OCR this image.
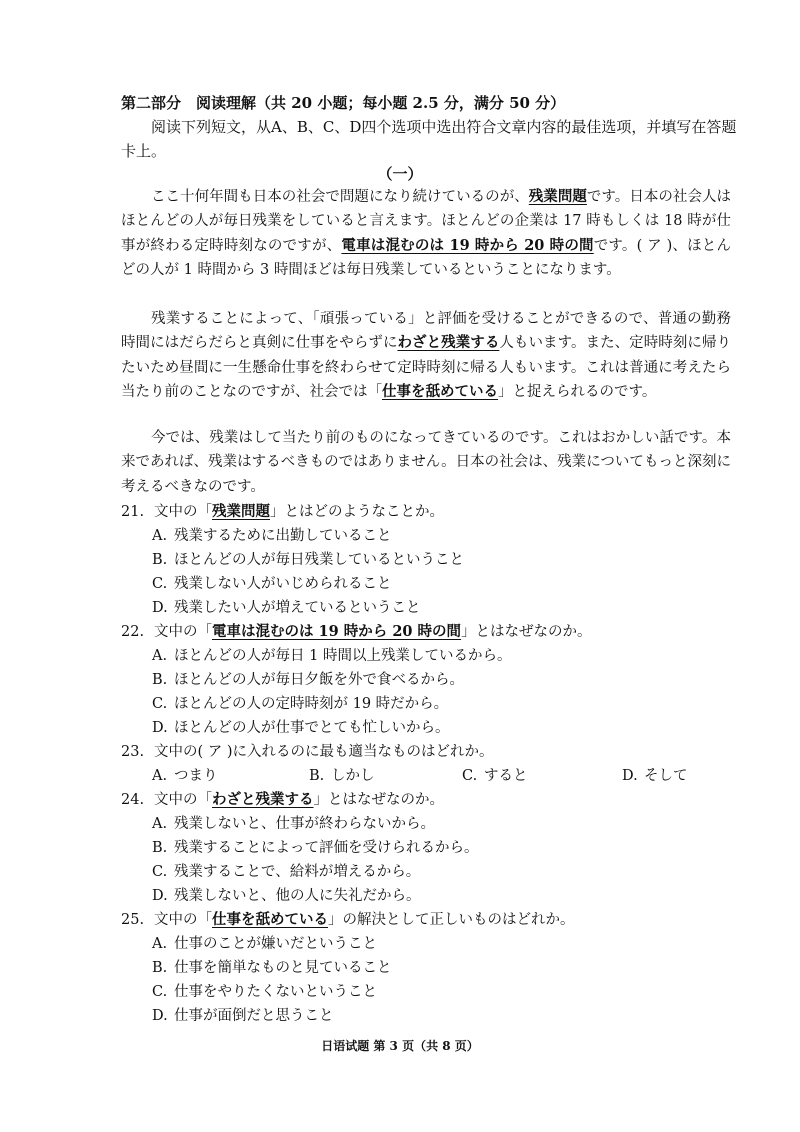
第二部分　阅读理解（共 20 小题；每小题 2.5 分，满分 50 分）
阅读下列短文，从A、B、C、D四个选项中选出符合文章内容的最佳选项，并填写在答题卡上。
（一）
ここ十何年間も日本の社会で問題になり続けているのが、残業問題です。日本の社会人はほとんどの人が毎日残業をしていると言えます。ほとんどの企業は 17 時もしくは 18 時が仕事が終わる定時時刻なのですが、電車は混むのは 19 時から 20 時の間です。( ア )、ほとんどの人が 1 時間から 3 時間ほどは毎日残業しているということになります。
残業することによって、「頑張っている」と評価を受けることができるので、普通の勤務時間にはだらだらと真剣に仕事をやらずにわざと残業する人もいます。また、定時時刻に帰りたいため昼間に一生懸命仕事を終わらせて定時時刻に帰る人もいます。これは普通に考えたら当たり前のことなのですが、社会では「仕事を舐めている」と捉えられるのです。
今では、残業はして当たり前のものになってきているのです。これはおかしい話です。本来であれば、残業はするべきものではありません。日本の社会は、残業についてもっと深刻に考えるべきなのです。
21. 文中の「残業問題」とはどのようなことか。
A. 残業するために出勤していること
B. ほとんどの人が毎日残業しているということ
C. 残業しない人がいじめられること
D. 残業したい人が増えているということ
22. 文中の「電車は混むのは 19 時から 20 時の間」とはなぜなのか。
A. ほとんどの人が毎日 1 時間以上残業しているから。
B. ほとんどの人が毎日夕飯を外で食べるから。
C. ほとんどの人の定時時刻が 19 時だから。
D. ほとんどの人が仕事でとても忙しいから。
23. 文中の( ア )に入れるのに最も適当なものはどれか。
A. つまり	B. しかし	C. すると	D. そして
24. 文中の「わざと残業する」とはなぜなのか。
A. 残業しないと、仕事が終わらないから。
B. 残業することによって評価を受けられるから。
C. 残業することで、給料が増えるから。
D. 残業しないと、他の人に失礼だから。
25. 文中の「仕事を舐めている」の解決として正しいものはどれか。
A. 仕事のことが嫌いだということ
B. 仕事を簡単なものと見ていること
C. 仕事をやりたくないということ
D. 仕事が面倒だと思うこと
日语试题 第 3 页（共 8 页）
